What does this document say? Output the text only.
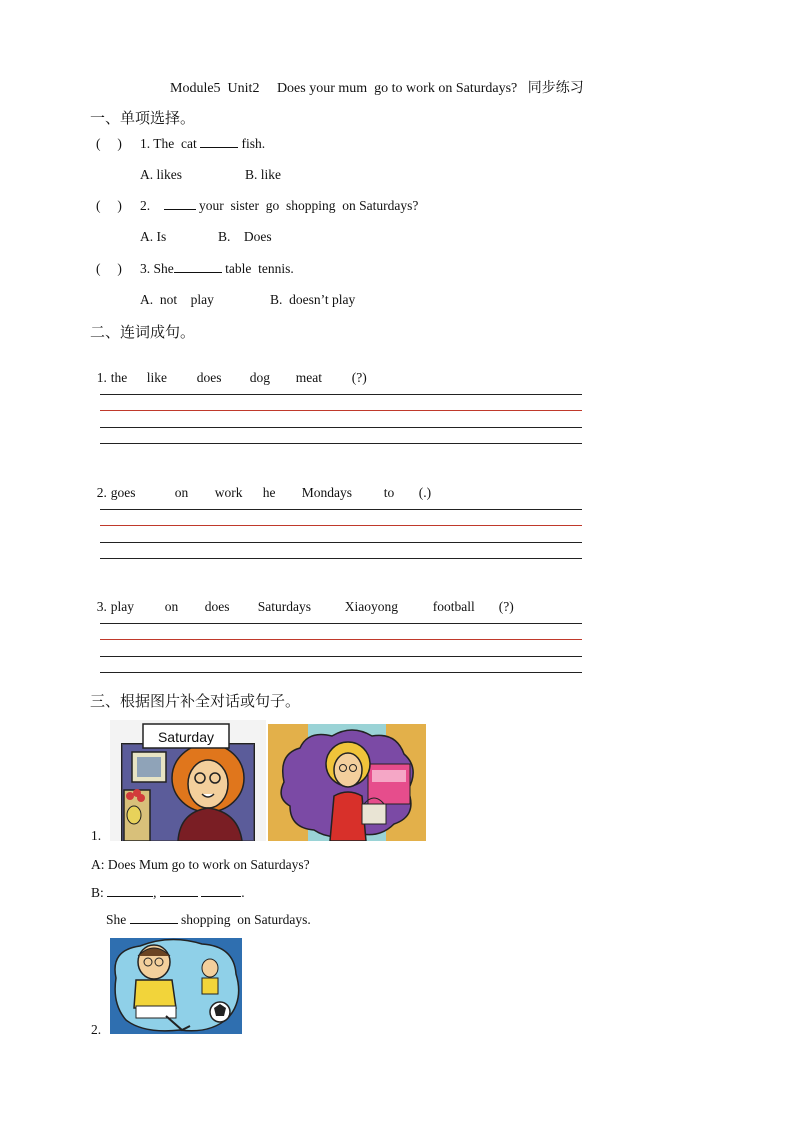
Module5  Unit2     Does your mum  go to work on Saturdays?   同步练习
一、单项选择。
(     ) 1. The  cat	fish.
A. likes	B. like
(     ) 2.     your  sister  go  shopping  on Saturdays?
A. Is	B.    Does
(     ) 3. She	table  tennis.
A.  not    play	B.  doesn’t play
二、连词成句。

1. the like does dog meat (?)

2. goes	on work he Mondays to (.)

3. play on does Saturdays	Xiaoyong	football (?)

三、根据图片补全对话或句子。
1.
Saturday
A: Does Mum go to work on Saturdays?
B:	,	.
She	shopping  on Saturdays.
2.
